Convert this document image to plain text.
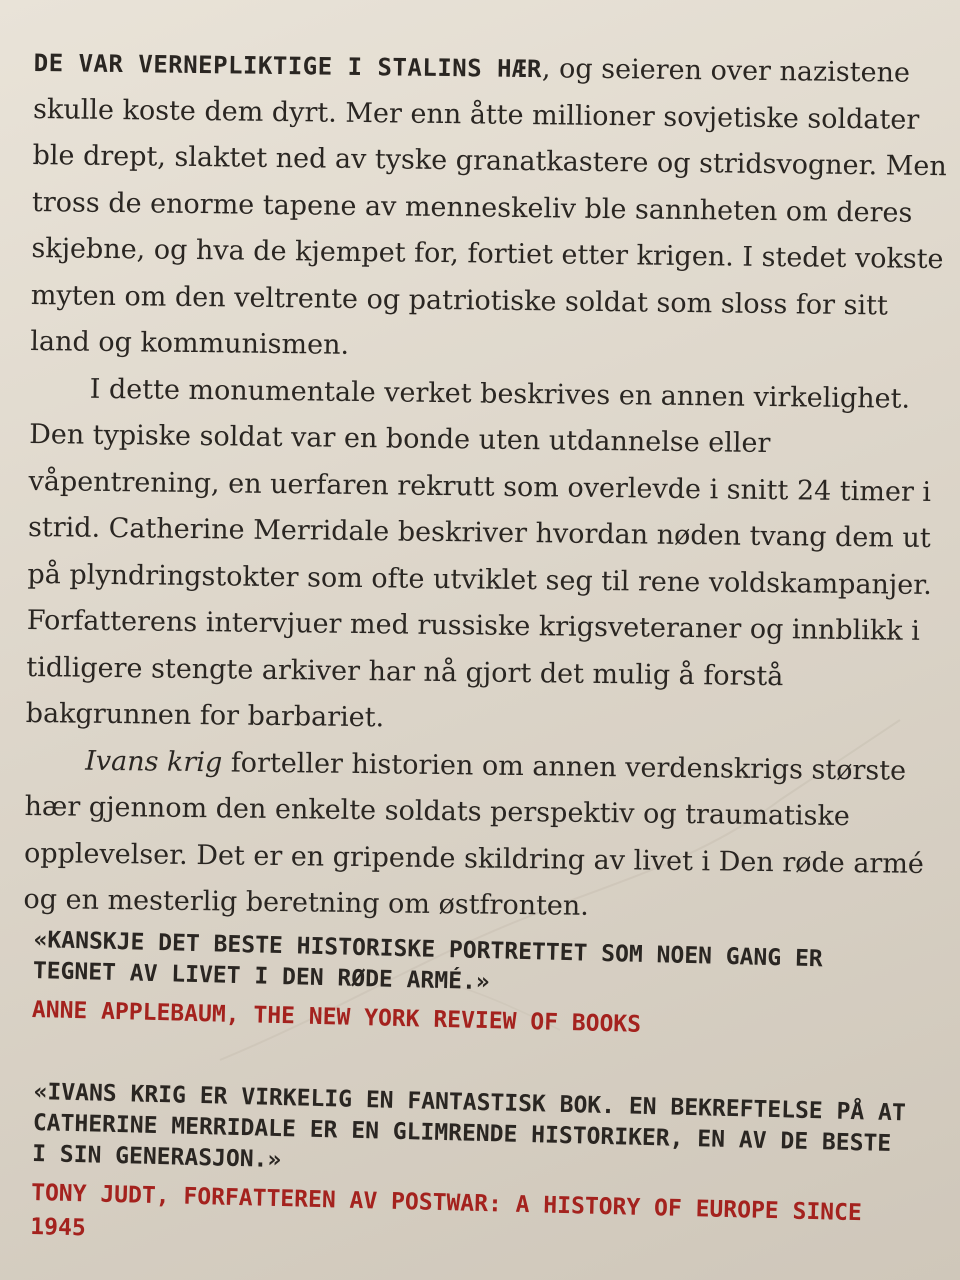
DE VAR VERNEPLIKTIGE I STALINS HÆR, og seieren over nazistene skulle koste dem dyrt. Mer enn åtte millioner sovjetiske soldater ble drept, slaktet ned av tyske granatkastere og stridsvogner. Men tross de enorme tapene av menneskeliv ble sannheten om deres skjebne, og hva de kjempet for, fortiet etter krigen. I stedet vokste myten om den veltrente og patriotiske soldat som sloss for sitt land og kommunismen.

I dette monumentale verket beskrives en annen virkelighet. Den typiske soldat var en bonde uten utdannelse eller våpentrening, en uerfaren rekrutt som overlevde i snitt 24 timer i strid. Catherine Merridale beskriver hvordan nøden tvang dem ut på plyndringstokter som ofte utviklet seg til rene voldskampanjer. Forfatterens intervjuer med russiske krigsveteraner og innblikk i tidligere stengte arkiver har nå gjort det mulig å forstå bakgrunnen for barbariet.

Ivans krig forteller historien om annen verdenskrigs største hær gjennom den enkelte soldats perspektiv og traumatiske opplevelser. Det er en gripende skildring av livet i Den røde armé og en mesterlig beretning om østfronten.

«KANSKJE DET BESTE HISTORISKE PORTRETTET SOM NOEN GANG ER TEGNET AV LIVET I DEN RØDE ARMÉ.»

ANNE APPLEBAUM, THE NEW YORK REVIEW OF BOOKS

«IVANS KRIG ER VIRKELIG EN FANTASTISK BOK. EN BEKREFTELSE PÅ AT CATHERINE MERRIDALE ER EN GLIMRENDE HISTORIKER, EN AV DE BESTE I SIN GENERASJON.»

TONY JUDT, FORFATTEREN AV POSTWAR: A HISTORY OF EUROPE SINCE 1945
